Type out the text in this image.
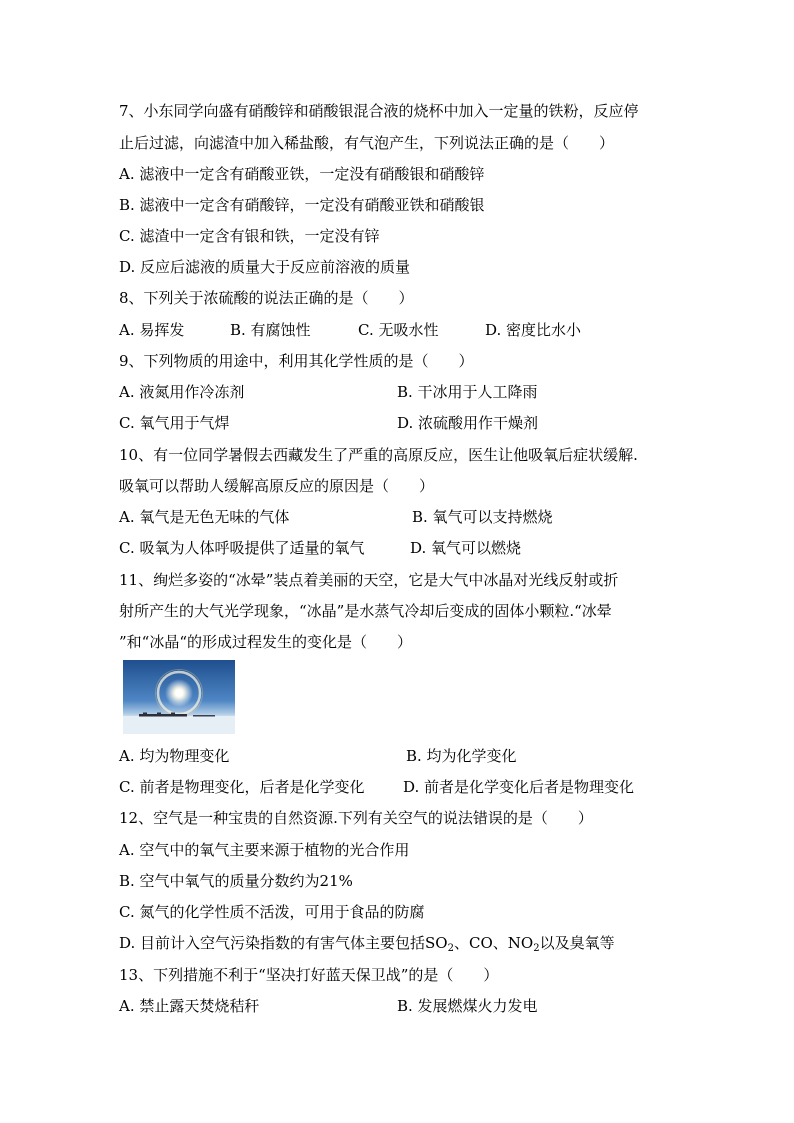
7、小东同学向盛有硝酸锌和硝酸银混合液的烧杯中加入一定量的铁粉，反应停
止后过滤，向滤渣中加入稀盐酸，有气泡产生，下列说法正确的是（　　）
A. 滤液中一定含有硝酸亚铁，一定没有硝酸银和硝酸锌
B. 滤液中一定含有硝酸锌，一定没有硝酸亚铁和硝酸银
C. 滤渣中一定含有银和铁，一定没有锌
D. 反应后滤液的质量大于反应前溶液的质量
8、下列关于浓硫酸的说法正确的是（　　）
A. 易挥发	B. 有腐蚀性	C. 无吸水性	D. 密度比水小
9、下列物质的用途中，利用其化学性质的是（　　）
A. 液氮用作冷冻剂	B. 干冰用于人工降雨
C. 氧气用于气焊	D. 浓硫酸用作干燥剂
10、有一位同学暑假去西藏发生了严重的高原反应，医生让他吸氧后症状缓解.
吸氧可以帮助人缓解高原反应的原因是（　　）
A. 氧气是无色无味的气体	B. 氧气可以支持燃烧
C. 吸氧为人体呼吸提供了适量的氧气	D. 氧气可以燃烧
11、绚烂多姿的“冰晕”装点着美丽的天空，它是大气中冰晶对光线反射或折
射所产生的大气光学现象，“冰晶”是水蒸气冷却后变成的固体小颗粒.“冰晕
”和“冰晶“的形成过程发生的变化是（　　）
A. 均为物理变化	B. 均为化学变化
C. 前者是物理变化，后者是化学变化	D. 前者是化学变化后者是物理变化
12、空气是一种宝贵的自然资源.下列有关空气的说法错误的是（　　）
A. 空气中的氧气主要来源于植物的光合作用
B. 空气中氧气的质量分数约为21%
C. 氮气的化学性质不活泼，可用于食品的防腐
D. 目前计入空气污染指数的有害气体主要包括$SO_2$、CO、$NO_2$以及臭氧等
13、下列措施不利于“坚决打好蓝天保卫战”的是（　　）
A. 禁止露天焚烧秸秆	B. 发展燃煤火力发电
